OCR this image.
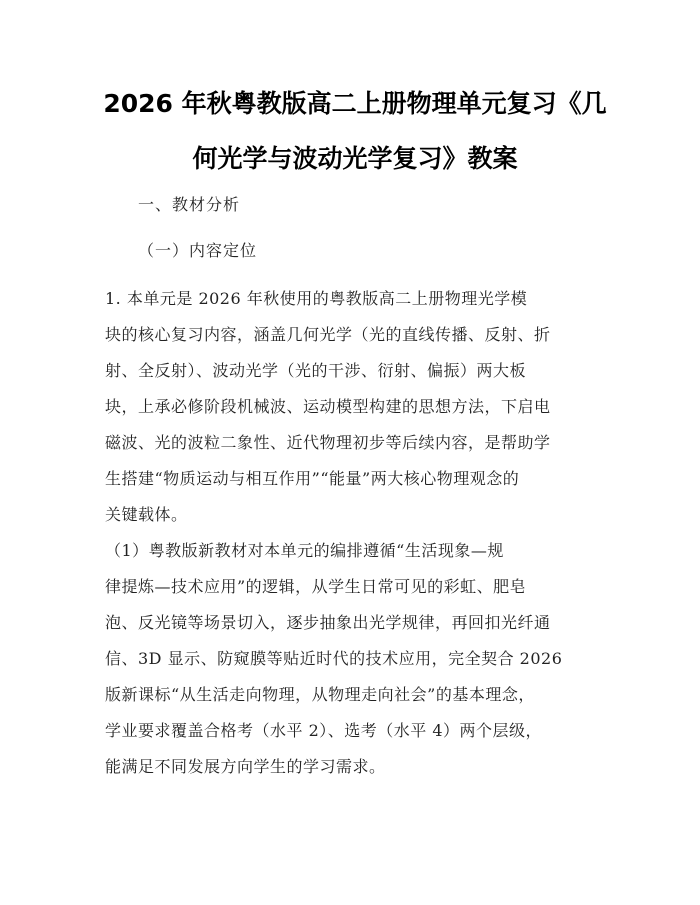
2026 年秋粤教版高二上册物理单元复习《几
何光学与波动光学复习》教案

一、教材分析

（一）内容定位

1. 本单元是 2026 年秋使用的粤教版高二上册物理光学模
块的核心复习内容，涵盖几何光学（光的直线传播、反射、折
射、全反射）、波动光学（光的干涉、衍射、偏振）两大板
块，上承必修阶段机械波、运动模型构建的思想方法，下启电
磁波、光的波粒二象性、近代物理初步等后续内容，是帮助学
生搭建“物质运动与相互作用”“能量”两大核心物理观念的
关键载体。

（1）粤教版新教材对本单元的编排遵循“生活现象—规
律提炼—技术应用”的逻辑，从学生日常可见的彩虹、肥皂
泡、反光镜等场景切入，逐步抽象出光学规律，再回扣光纤通
信、3D 显示、防窥膜等贴近时代的技术应用，完全契合 2026
版新课标“从生活走向物理，从物理走向社会”的基本理念，
学业要求覆盖合格考（水平 2）、选考（水平 4）两个层级，
能满足不同发展方向学生的学习需求。
